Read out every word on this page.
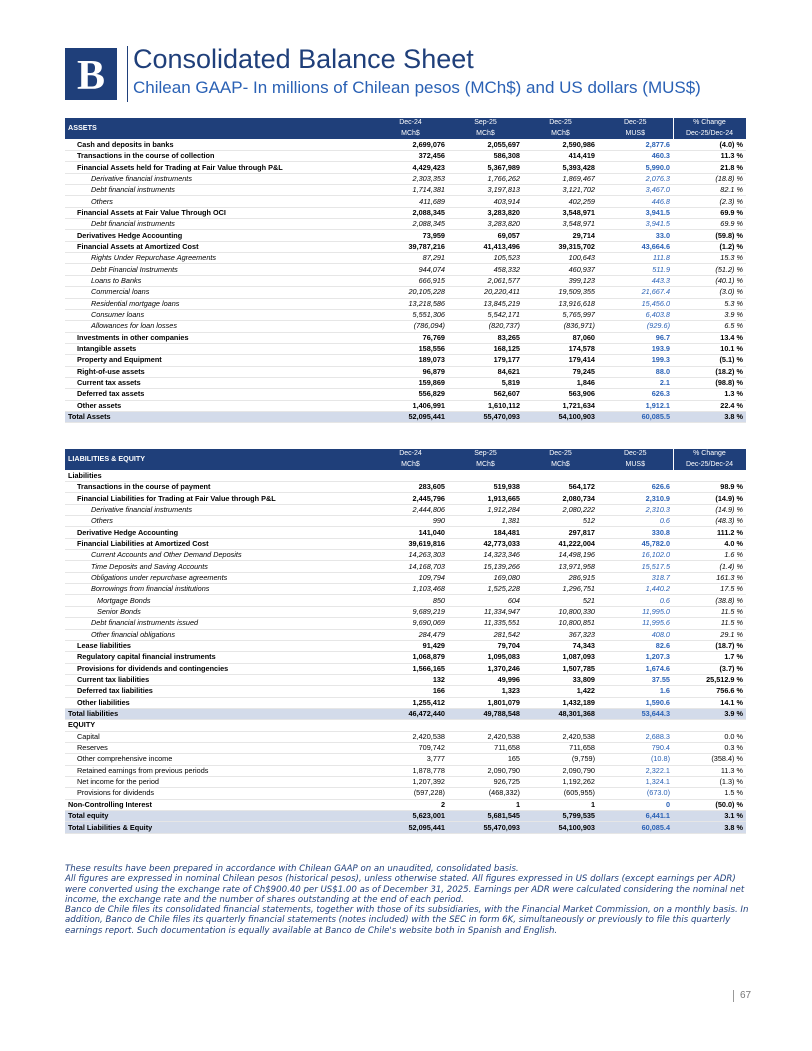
B Consolidated Balance Sheet
Chilean GAAP- In millions of Chilean pesos (MCh$) and US dollars (MUS$)
ASSETS	Dec-24	Sep-25	Dec-25	Dec-25	% Change
	MCh$	MCh$	MCh$	MUS$	Dec-25/Dec-24
Cash and deposits in banks	2,699,076	2,055,697	2,590,986	2,877.6	(4.0) %
Transactions in the course of collection	372,456	586,308	414,419	460.3	11.3 %
Financial Assets held for Trading at Fair Value through P&L	4,429,423	5,367,989	5,393,428	5,990.0	21.8 %
Derivative financial instruments	2,303,353	1,766,262	1,869,467	2,076.3	(18.8) %
Debt financial instruments	1,714,381	3,197,813	3,121,702	3,467.0	82.1 %
Others	411,689	403,914	402,259	446.8	(2.3) %
Financial Assets at Fair Value Through OCI	2,088,345	3,283,820	3,548,971	3,941.5	69.9 %
Debt financial instruments	2,088,345	3,283,820	3,548,971	3,941.5	69.9 %
Derivatives Hedge Accounting	73,959	69,057	29,714	33.0	(59.8) %
Financial Assets at Amortized Cost	39,787,216	41,413,496	39,315,702	43,664.6	(1.2) %
Rights Under Repurchase Agreements	87,291	105,523	100,643	111.8	15.3 %
Debt Financial Instruments	944,074	458,332	460,937	511.9	(51.2) %
Loans to Banks	666,915	2,061,577	399,123	443.3	(40.1) %
Commercial loans	20,105,228	20,220,411	19,509,355	21,667.4	(3.0) %
Residential mortgage loans	13,218,586	13,845,219	13,916,618	15,456.0	5.3 %
Consumer loans	5,551,306	5,542,171	5,765,997	6,403.8	3.9 %
Allowances for loan losses	(786,094)	(820,737)	(836,971)	(929.6)	6.5 %
Investments in other companies	76,769	83,265	87,060	96.7	13.4 %
Intangible assets	158,556	168,125	174,578	193.9	10.1 %
Property and Equipment	189,073	179,177	179,414	199.3	(5.1) %
Right-of-use assets	96,879	84,621	79,245	88.0	(18.2) %
Current tax assets	159,869	5,819	1,846	2.1	(98.8) %
Deferred tax assets	556,829	562,607	563,906	626.3	1.3 %
Other assets	1,406,991	1,610,112	1,721,634	1,912.1	22.4 %
Total Assets	52,095,441	55,470,093	54,100,903	60,085.5	3.8 %
LIABILITIES & EQUITY	Dec-24	Sep-25	Dec-25	Dec-25	% Change
	MCh$	MCh$	MCh$	MUS$	Dec-25/Dec-24
Liabilities					
Transactions in the course of payment	283,605	519,938	564,172	626.6	98.9 %
Financial Liabilities for Trading at Fair Value through P&L	2,445,796	1,913,665	2,080,734	2,310.9	(14.9) %
Derivative financial instruments	2,444,806	1,912,284	2,080,222	2,310.3	(14.9) %
Others	990	1,381	512	0.6	(48.3) %
Derivative Hedge Accounting	141,040	184,481	297,817	330.8	111.2 %
Financial Liabilities at Amortized Cost	39,619,816	42,773,033	41,222,004	45,782.0	4.0 %
Current Accounts and Other Demand Deposits	14,263,303	14,323,346	14,498,196	16,102.0	1.6 %
Time Deposits and Saving Accounts	14,168,703	15,139,266	13,971,958	15,517.5	(1.4) %
Obligations under repurchase agreements	109,794	169,080	286,915	318.7	161.3 %
Borrowings from financial institutions	1,103,468	1,525,228	1,296,751	1,440.2	17.5 %
Mortgage Bonds	850	604	521	0.6	(38.8) %
Senior Bonds	9,689,219	11,334,947	10,800,330	11,995.0	11.5 %
Debt financial instruments issued	9,690,069	11,335,551	10,800,851	11,995.6	11.5 %
Other financial obligations	284,479	281,542	367,323	408.0	29.1 %
Lease liabilities	91,429	79,704	74,343	82.6	(18.7) %
Regulatory capital financial instruments	1,068,879	1,095,083	1,087,093	1,207.3	1.7 %
Provisions for dividends and contingencies	1,566,165	1,370,246	1,507,785	1,674.6	(3.7) %
Current tax liabilities	132	49,996	33,809	37.55	25,512.9 %
Deferred tax liabilities	166	1,323	1,422	1.6	756.6 %
Other liabilities	1,255,412	1,801,079	1,432,189	1,590.6	14.1 %
Total liabilities	46,472,440	49,788,548	48,301,368	53,644.3	3.9 %
EQUITY					
Capital	2,420,538	2,420,538	2,420,538	2,688.3	0.0 %
Reserves	709,742	711,658	711,658	790.4	0.3 %
Other comprehensive income	3,777	165	(9,759)	(10.8)	(358.4) %
Retained earnings from previous periods	1,878,778	2,090,790	2,090,790	2,322.1	11.3 %
Net income for the period	1,207,392	926,725	1,192,262	1,324.1	(1.3) %
Provisions for dividends	(597,228)	(468,332)	(605,955)	(673.0)	1.5 %
Non-Controlling Interest	2	1	1	0	(50.0) %
Total equity	5,623,001	5,681,545	5,799,535	6,441.1	3.1 %
Total Liabilities & Equity	52,095,441	55,470,093	54,100,903	60,085.4	3.8 %

These results have been prepared in accordance with Chilean GAAP on an unaudited, consolidated basis.

All figures are expressed in nominal Chilean pesos (historical pesos), unless otherwise stated. All figures expressed in US dollars (except earnings per ADR) were converted using the exchange rate of Ch$900.40 per US$1.00 as of December 31, 2025. Earnings per ADR were calculated considering the nominal net income, the exchange rate and the number of shares outstanding at the end of each period.

Banco de Chile files its consolidated financial statements, together with those of its subsidiaries, with the Financial Market Commission, on a monthly basis. In addition, Banco de Chile files its quarterly financial statements (notes included) with the SEC in form 6K, simultaneously or previously to file this quarterly earnings report. Such documentation is equally available at Banco de Chile's website both in Spanish and English.

67
